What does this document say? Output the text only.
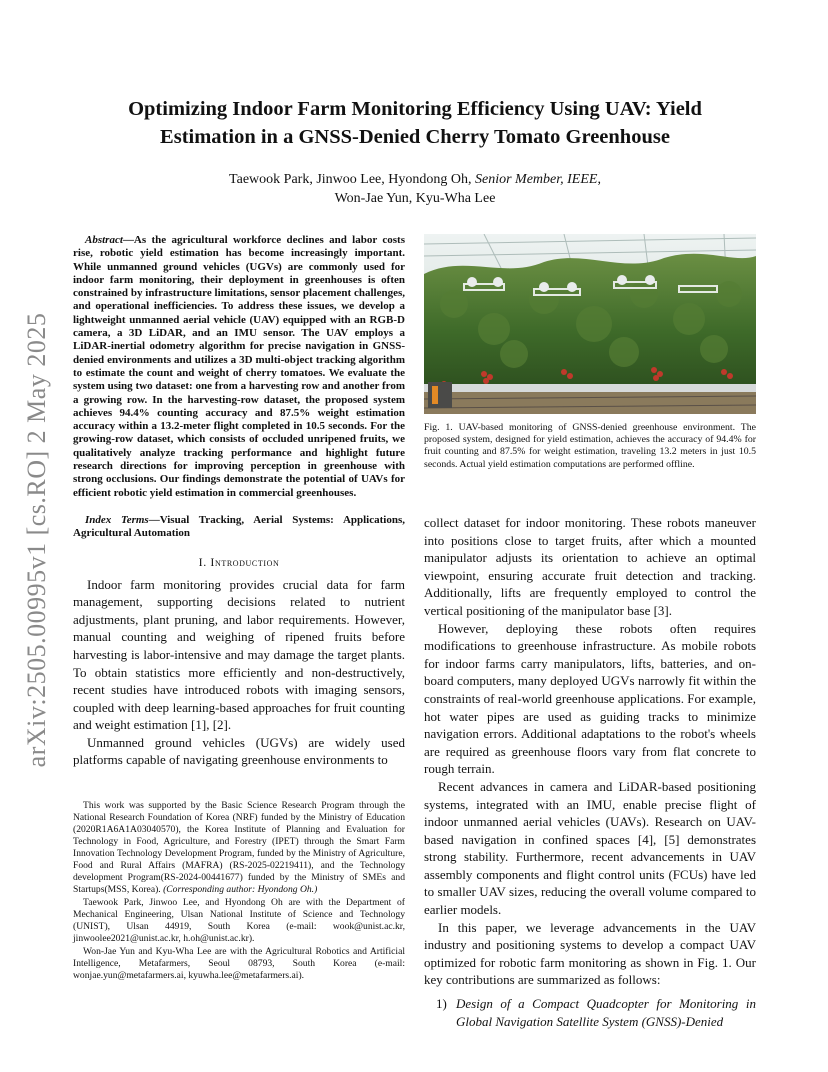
arXiv:2505.00995v1 [cs.RO] 2 May 2025
Optimizing Indoor Farm Monitoring Efficiency Using UAV: Yield
Estimation in a GNSS-Denied Cherry Tomato Greenhouse
Taewook Park, Jinwoo Lee, Hyondong Oh, Senior Member, IEEE,
Won-Jae Yun, Kyu-Wha Lee

Abstract—As the agricultural workforce declines and labor costs rise, robotic yield estimation has become increasingly important. While unmanned ground vehicles (UGVs) are commonly used for indoor farm monitoring, their deployment in greenhouses is often constrained by infrastructure limitations, sensor placement challenges, and operational inefficiencies. To address these issues, we develop a lightweight unmanned aerial vehicle (UAV) equipped with an RGB-D camera, a 3D LiDAR, and an IMU sensor. The UAV employs a LiDAR-inertial odometry algorithm for precise navigation in GNSS-denied environments and utilizes a 3D multi-object tracking algorithm to estimate the count and weight of cherry tomatoes. We evaluate the system using two dataset: one from a harvesting row and another from a growing row. In the harvesting-row dataset, the proposed system achieves 94.4% counting accuracy and 87.5% weight estimation accuracy within a 13.2-meter flight completed in 10.5 seconds. For the growing-row dataset, which consists of occluded unripened fruits, we qualitatively analyze tracking performance and highlight future research directions for improving perception in greenhouse with strong occlusions. Our findings demonstrate the potential of UAVs for efficient robotic yield estimation in commercial greenhouses.

Index Terms—Visual Tracking, Aerial Systems: Applications, Agricultural Automation

I. Introduction

Indoor farm monitoring provides crucial data for farm management, supporting decisions related to nutrient adjustments, plant pruning, and labor requirements. However, manual counting and weighing of ripened fruits before harvesting is labor-intensive and may damage the target plants. To obtain statistics more efficiently and non-destructively, recent studies have introduced robots with imaging sensors, coupled with deep learning-based approaches for fruit counting and weight estimation [1], [2].

Unmanned ground vehicles (UGVs) are widely used platforms capable of navigating greenhouse environments to

This work was supported by the Basic Science Research Program through the National Research Foundation of Korea (NRF) funded by the Ministry of Education (2020R1A6A1A03040570), the Korea Institute of Planning and Evaluation for Technology in Food, Agriculture, and Forestry (IPET) through the Smart Farm Innovation Technology Development Program, funded by the Ministry of Agriculture, Food and Rural Affairs (MAFRA) (RS-2025-02219411), and the Technology development Program(RS-2024-00441677) funded by the Ministry of SMEs and Startups(MSS, Korea). (Corresponding author: Hyondong Oh.)

Taewook Park, Jinwoo Lee, and Hyondong Oh are with the Department of Mechanical Engineering, Ulsan National Institute of Science and Technology (UNIST), Ulsan 44919, South Korea (e-mail: wook@unist.ac.kr, jinwoolee2021@unist.ac.kr, h.oh@unist.ac.kr).

Won-Jae Yun and Kyu-Wha Lee are with the Agricultural Robotics and Artificial Intelligence, Metafarmers, Seoul 08793, South Korea (e-mail: wonjae.yun@metafarmers.ai, kyuwha.lee@metafarmers.ai).

Fig. 1. UAV-based monitoring of GNSS-denied greenhouse environment. The proposed system, designed for yield estimation, achieves the accuracy of 94.4% for fruit counting and 87.5% for weight estimation, traveling 13.2 meters in just 10.5 seconds. Actual yield estimation computations are performed offline.

collect dataset for indoor monitoring. These robots maneuver into positions close to target fruits, after which a mounted manipulator adjusts its orientation to achieve an optimal viewpoint, ensuring accurate fruit detection and tracking. Additionally, lifts are frequently employed to control the vertical positioning of the manipulator base [3].

However, deploying these robots often requires modifications to greenhouse infrastructure. As mobile robots for indoor farms carry manipulators, lifts, batteries, and on-board computers, many deployed UGVs narrowly fit within the constraints of real-world greenhouse applications. For example, hot water pipes are used as guiding tracks to minimize navigation errors. Additional adaptations to the robot's wheels are required as greenhouse floors vary from flat concrete to rough terrain.

Recent advances in camera and LiDAR-based positioning systems, integrated with an IMU, enable precise flight of indoor unmanned aerial vehicles (UAVs). Research on UAV-based navigation in confined spaces [4], [5] demonstrates strong stability. Furthermore, recent advancements in UAV assembly components and flight control units (FCUs) have led to smaller UAV sizes, reducing the overall volume compared to earlier models.

In this paper, we leverage advancements in the UAV industry and positioning systems to develop a compact UAV optimized for robotic farm monitoring as shown in Fig. 1. Our key contributions are summarized as follows:

1) Design of a Compact Quadcopter for Monitoring in Global Navigation Satellite System (GNSS)-Denied
